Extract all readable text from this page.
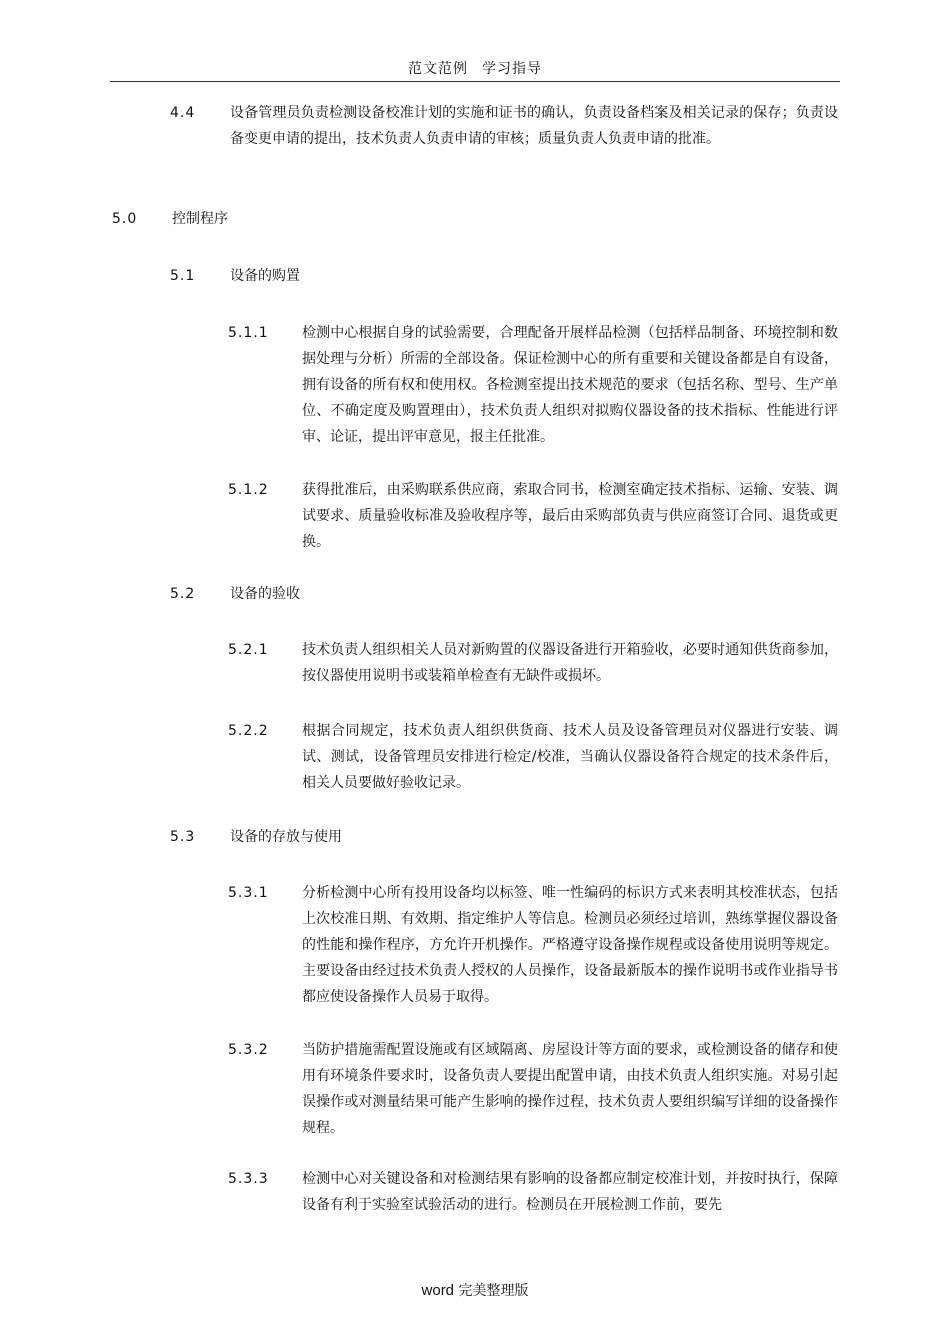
范文范例 学习指导
4.4 设备管理员负责检测设备校准计划的实施和证书的确认，负责设备档案及相关记录的保存；负责设备变更申请的提出，技术负责人负责申请的审核；质量负责人负责申请的批准。
5.0 控制程序
5.1 设备的购置
5.1.1 检测中心根据自身的试验需要，合理配备开展样品检测（包括样品制备、环境控制和数据处理与分析）所需的全部设备。保证检测中心的所有重要和关键设备都是自有设备，拥有设备的所有权和使用权。各检测室提出技术规范的要求（包括名称、型号、生产单位、不确定度及购置理由），技术负责人组织对拟购仪器设备的技术指标、性能进行评审、论证，提出评审意见，报主任批准。
5.1.2 获得批准后，由采购联系供应商，索取合同书，检测室确定技术指标、运输、安装、调试要求、质量验收标准及验收程序等，最后由采购部负责与供应商签订合同、退货或更换。
5.2 设备的验收
5.2.1 技术负责人组织相关人员对新购置的仪器设备进行开箱验收，必要时通知供货商参加，按仪器使用说明书或装箱单检查有无缺件或损坏。
5.2.2 根据合同规定，技术负责人组织供货商、技术人员及设备管理员对仪器进行安装、调试、测试，设备管理员安排进行检定/校准，当确认仪器设备符合规定的技术条件后，相关人员要做好验收记录。
5.3 设备的存放与使用
5.3.1 分析检测中心所有投用设备均以标签、唯一性编码的标识方式来表明其校准状态，包括上次校准日期、有效期、指定维护人等信息。检测员必须经过培训，熟练掌握仪器设备的性能和操作程序，方允许开机操作。严格遵守设备操作规程或设备使用说明等规定。主要设备由经过技术负责人授权的人员操作，设备最新版本的操作说明书或作业指导书都应使设备操作人员易于取得。
5.3.2 当防护措施需配置设施或有区域隔离、房屋设计等方面的要求，或检测设备的储存和使用有环境条件要求时，设备负责人要提出配置申请，由技术负责人组织实施。对易引起误操作或对测量结果可能产生影响的操作过程，技术负责人要组织编写详细的设备操作规程。
5.3.3 检测中心对关键设备和对检测结果有影响的设备都应制定校准计划，并按时执行，保障设备有利于实验室试验活动的进行。检测员在开展检测工作前，要先
word 完美整理版
